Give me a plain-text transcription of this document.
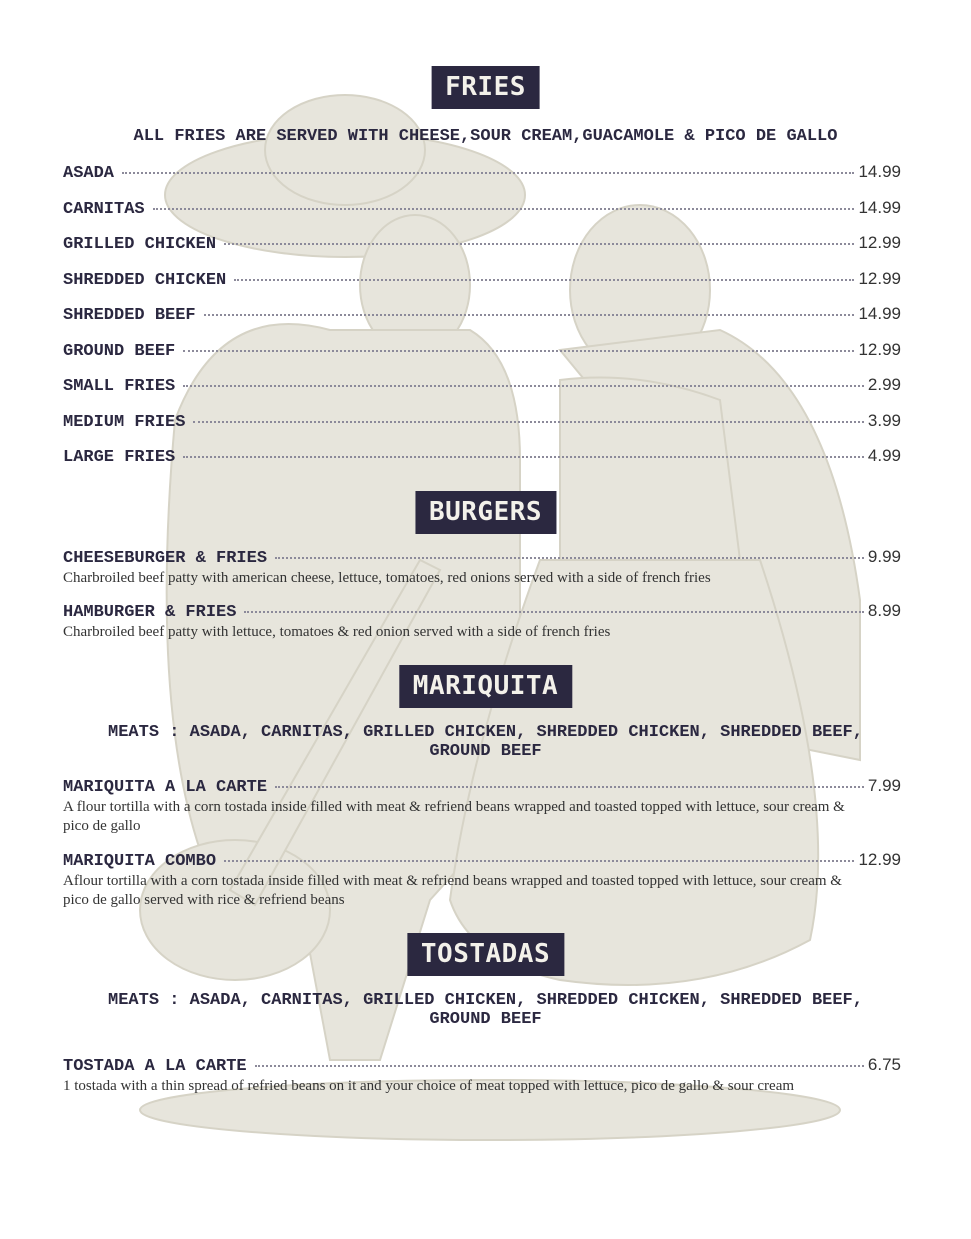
FRIES
ALL FRIES ARE SERVED WITH CHEESE,SOUR CREAM,GUACAMOLE & PICO DE GALLO
ASADA	14.99
CARNITAS	14.99
GRILLED CHICKEN	12.99
SHREDDED CHICKEN	12.99
SHREDDED BEEF	14.99
GROUND BEEF	12.99
SMALL FRIES	2.99
MEDIUM FRIES	3.99
LARGE FRIES	4.99
BURGERS
CHEESEBURGER & FRIES	9.99
Charbroiled beef patty with american cheese, lettuce, tomatoes, red onions served with a side of french fries
HAMBURGER & FRIES	8.99
Charbroiled beef patty with lettuce, tomatoes & red onion served with a side of french fries
MARIQUITA
MEATS : ASADA, CARNITAS, GRILLED CHICKEN, SHREDDED CHICKEN, SHREDDED BEEF, GROUND BEEF
MARIQUITA A LA CARTE	7.99
A flour tortilla with a corn tostada inside filled with meat & refriend beans wrapped and toasted topped with lettuce, sour cream & pico de gallo
MARIQUITA COMBO	12.99
Aflour tortilla with a corn tostada inside filled with meat & refriend beans wrapped and toasted topped with lettuce, sour cream & pico de gallo served with rice & refriend beans
TOSTADAS
MEATS : ASADA, CARNITAS, GRILLED CHICKEN, SHREDDED CHICKEN, SHREDDED BEEF, GROUND BEEF
TOSTADA A LA CARTE	6.75
1 tostada with a thin spread of refried beans on it and your choice of meat topped with lettuce, pico de gallo & sour cream
